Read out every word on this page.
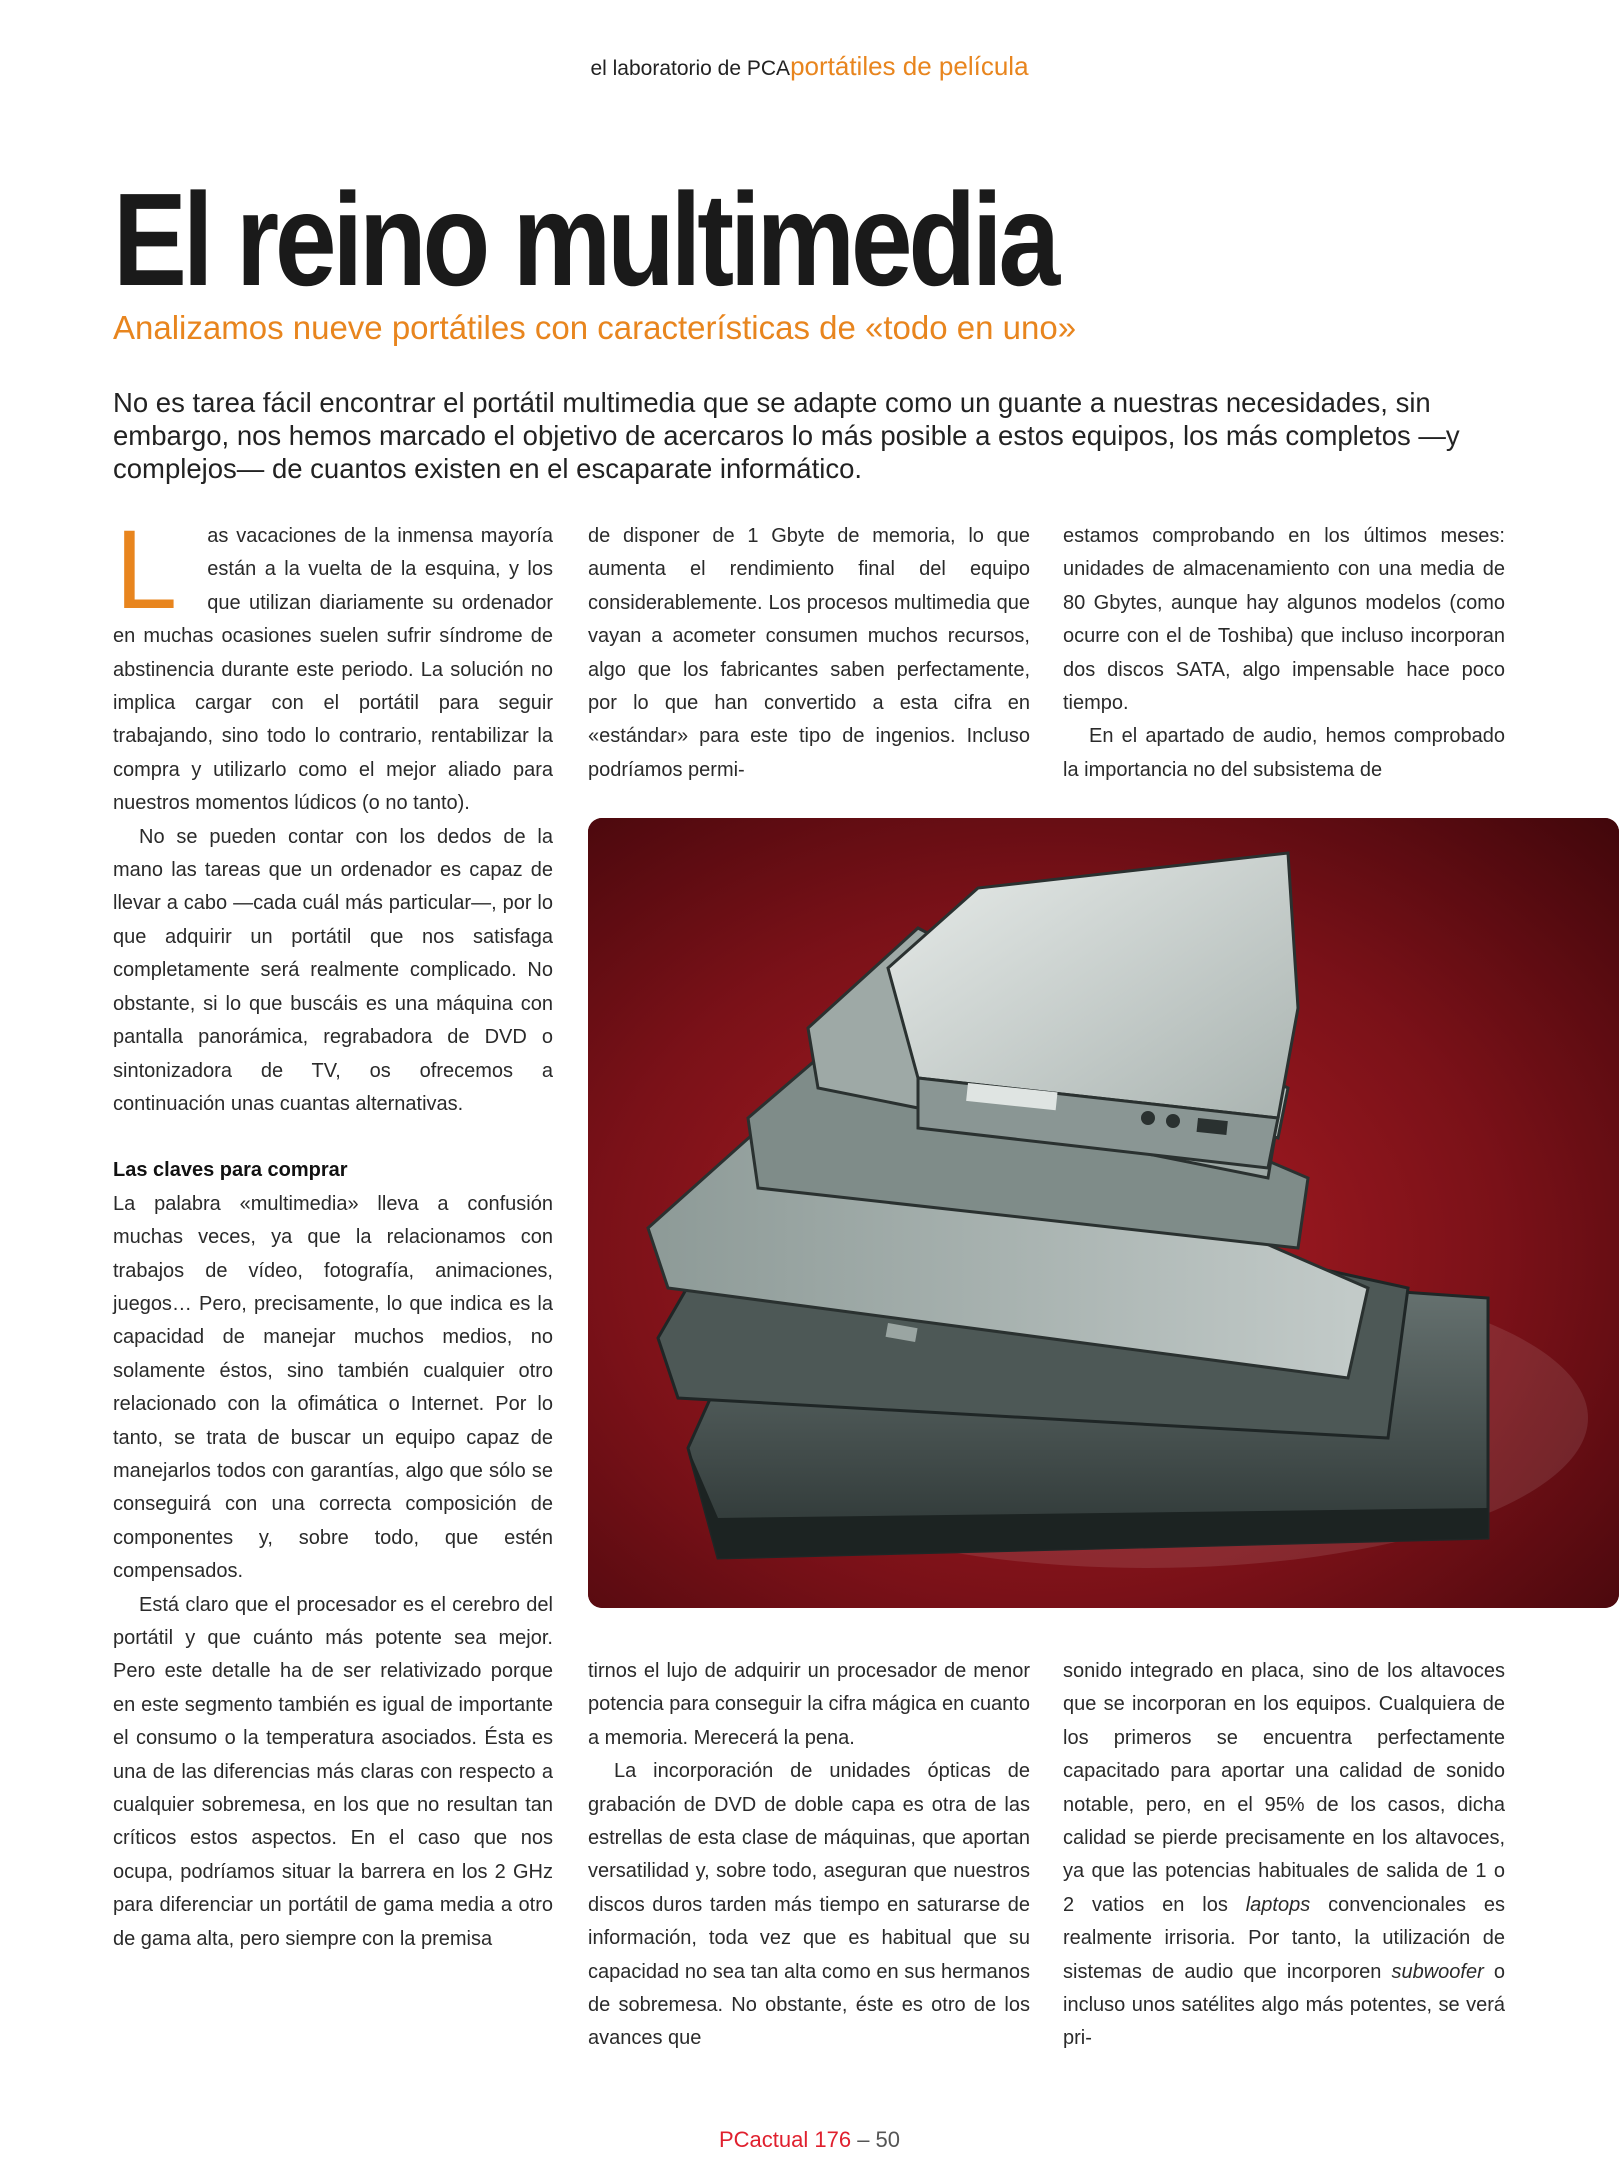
el laboratorio de PCAportátiles de película
El reino multimedia
Analizamos nueve portátiles con características de «todo en uno»

No es tarea fácil encontrar el portátil multimedia que se adapte como un guante a nuestras necesidades, sin embargo, nos hemos marcado el objetivo de acercaros lo más posible a estos equipos, los más completos —y complejos— de cuantos existen en el escaparate informático.

L as vacaciones de la inmensa mayoría están a la vuelta de la esquina, y los que utilizan diariamente su ordenador en muchas ocasiones suelen sufrir síndrome de abstinencia durante este periodo. La solución no implica cargar con el portátil para seguir trabajando, sino todo lo contrario, rentabilizar la compra y utilizarlo como el mejor aliado para nuestros momentos lúdicos (o no tanto).

No se pueden contar con los dedos de la mano las tareas que un ordenador es capaz de llevar a cabo —cada cuál más particular—, por lo que adquirir un portátil que nos satisfaga completamente será realmente complicado. No obstante, si lo que buscáis es una máquina con pantalla panorámica, regrabadora de DVD o sintonizadora de TV, os ofrecemos a continuación unas cuantas alternativas.

Las claves para comprar

La palabra «multimedia» lleva a confusión muchas veces, ya que la relacionamos con trabajos de vídeo, fotografía, animaciones, juegos… Pero, precisamente, lo que indica es la capacidad de manejar muchos medios, no solamente éstos, sino también cualquier otro relacionado con la ofimática o Internet. Por lo tanto, se trata de buscar un equipo capaz de manejarlos todos con garantías, algo que sólo se conseguirá con una correcta composición de componentes y, sobre todo, que estén compensados.

Está claro que el procesador es el cerebro del portátil y que cuánto más potente sea mejor. Pero este detalle ha de ser relativizado porque en este segmento también es igual de importante el consumo o la temperatura asociados. Ésta es una de las diferencias más claras con respecto a cualquier sobremesa, en los que no resultan tan críticos estos aspectos. En el caso que nos ocupa, podríamos situar la barrera en los 2 GHz para diferenciar un portátil de gama media a otro de gama alta, pero siempre con la premisa

de disponer de 1 Gbyte de memoria, lo que aumenta el rendimiento final del equipo considerablemente. Los procesos multimedia que vayan a acometer consumen muchos recursos, algo que los fabricantes saben perfectamente, por lo que han convertido a esta cifra en «estándar» para este tipo de ingenios. Incluso podríamos permi-

estamos comprobando en los últimos meses: unidades de almacenamiento con una media de 80 Gbytes, aunque hay algunos modelos (como ocurre con el de Toshiba) que incluso incorporan dos discos SATA, algo impensable hace poco tiempo.

En el apartado de audio, hemos comprobado la importancia no del subsistema de

tirnos el lujo de adquirir un procesador de menor potencia para conseguir la cifra mágica en cuanto a memoria. Merecerá la pena.

La incorporación de unidades ópticas de grabación de DVD de doble capa es otra de las estrellas de esta clase de máquinas, que aportan versatilidad y, sobre todo, aseguran que nuestros discos duros tarden más tiempo en saturarse de información, toda vez que es habitual que su capacidad no sea tan alta como en sus hermanos de sobremesa. No obstante, éste es otro de los avances que

sonido integrado en placa, sino de los altavoces que se incorporan en los equipos. Cualquiera de los primeros se encuentra perfectamente capacitado para aportar una calidad de sonido notable, pero, en el 95% de los casos, dicha calidad se pierde precisamente en los altavoces, ya que las potencias habituales de salida de 1 o 2 vatios en los laptops convencionales es realmente irrisoria. Por tanto, la utilización de sistemas de audio que incorporen subwoofer o incluso unos satélites algo más potentes, se verá pri-

PCactual 176 – 50
